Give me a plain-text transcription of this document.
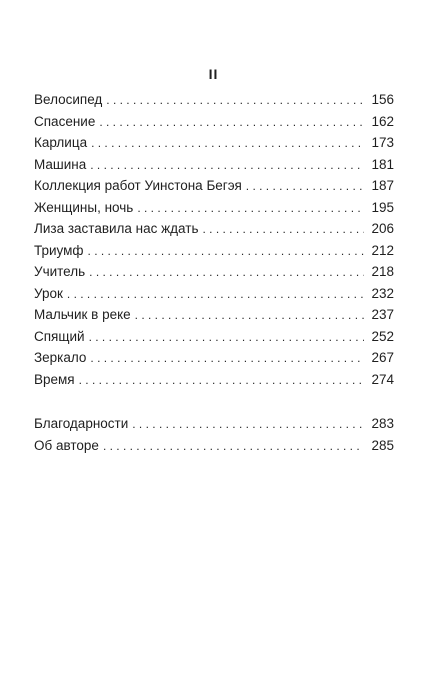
II
Велосипед . . .	156
Спасение . . .	162
Карлица . . .	173
Машина . . .	181
Коллекция работ Уинстона Бегэя . . .	187
Женщины, ночь . . .	195
Лиза заставила нас ждать . . .	206
Триумф . . .	212
Учитель . . .	218
Урок . . .	232
Мальчик в реке . . .	237
Спящий . . .	252
Зеркало . . .	267
Время . . .	274
Благодарности . . .	283
Об авторе . . .	285
